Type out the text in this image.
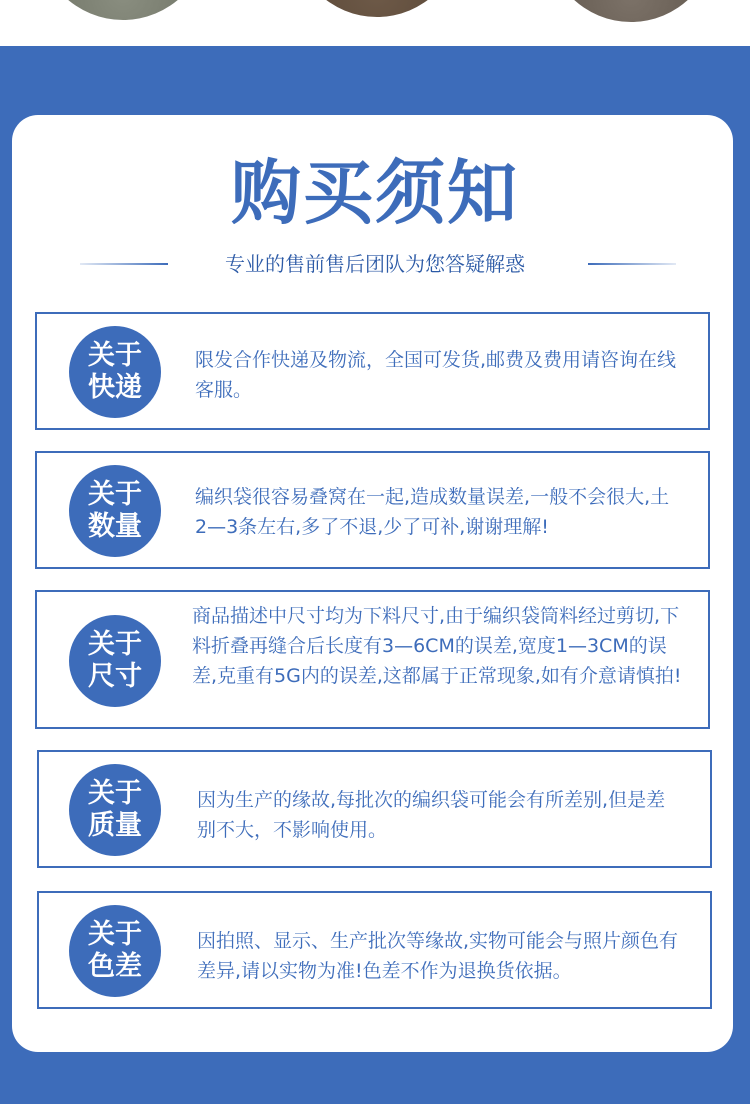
购买须知
专业的售前售后团队为您答疑解惑
关于
快递

限发合作快递及物流，全国可发货,邮费及费用请咨询在线客服。

关于
数量

编织袋很容易叠窝在一起,造成数量误差,一般不会很大,土2—3条左右,多了不退,少了可补,谢谢理解!

关于
尺寸

商品描述中尺寸均为下料尺寸,由于编织袋筒料经过剪切,下料折叠再缝合后长度有3—6CM的误差,宽度1—3CM的误差,克重有5G内的误差,这都属于正常现象,如有介意请慎拍!

关于
质量

因为生产的缘故,每批次的编织袋可能会有所差别,但是差别不大，不影响使用。

关于
色差

因拍照、显示、生产批次等缘故,实物可能会与照片颜色有差异,请以实物为准!色差不作为退换货依据。
